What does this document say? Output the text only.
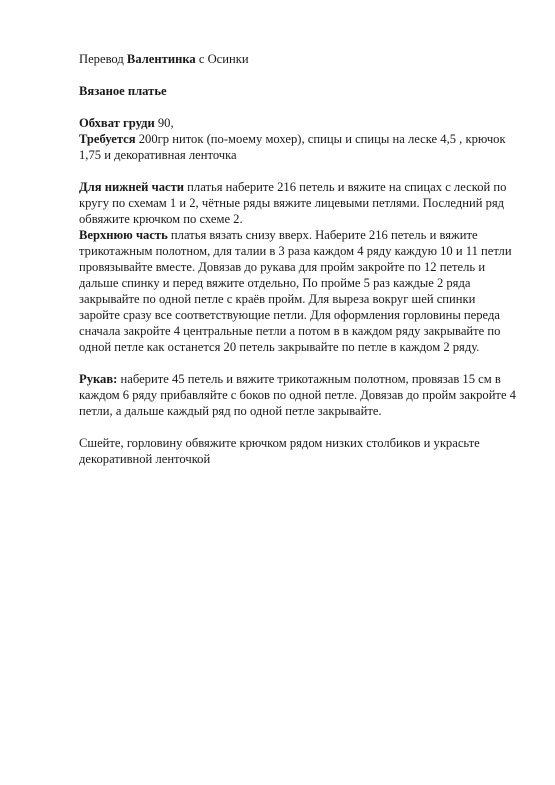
Перевод Валентинка с Осинки

Вязаное платье

Обхват груди 90,

Требуется 200гр ниток (по-моему мохер), спицы и спицы на леске 4,5 , крючок 1,75 и декоративная ленточка

Для нижней части платья наберите 216 петель и вяжите на спицах с леской по кругу по схемам 1 и 2, чётные ряды вяжите лицевыми петлями. Последний ряд обвяжите крючком по схеме 2.

Верхнюю часть платья вязать снизу вверх. Наберите 216 петель и вяжите трикотажным полотном, для талии в 3 раза каждом 4 ряду каждую 10 и 11 петли провязывайте вместе. Довязав до рукава для пройм закройте по 12 петель и дальше спинку и перед вяжите отдельно, По пройме 5 раз каждые 2 ряда закрывайте по одной петле с краёв пройм. Для выреза вокруг шей спинки заройте сразу все соответствующие петли. Для оформления горловины переда сначала закройте 4 центральные петли а потом в в каждом ряду закрывайте по одной петле как останется 20 петель закрывайте по петле в каждом 2 ряду.

Рукав: наберите 45 петель и вяжите трикотажным полотном, провязав 15 см в каждом 6 ряду прибавляйте с боков по одной петле. Довязав до пройм закройте 4 петли, а дальше каждый ряд по одной петле закрывайте.

Сшейте, горловину обвяжите крючком рядом низких столбиков и украсьте декоративной ленточкой
